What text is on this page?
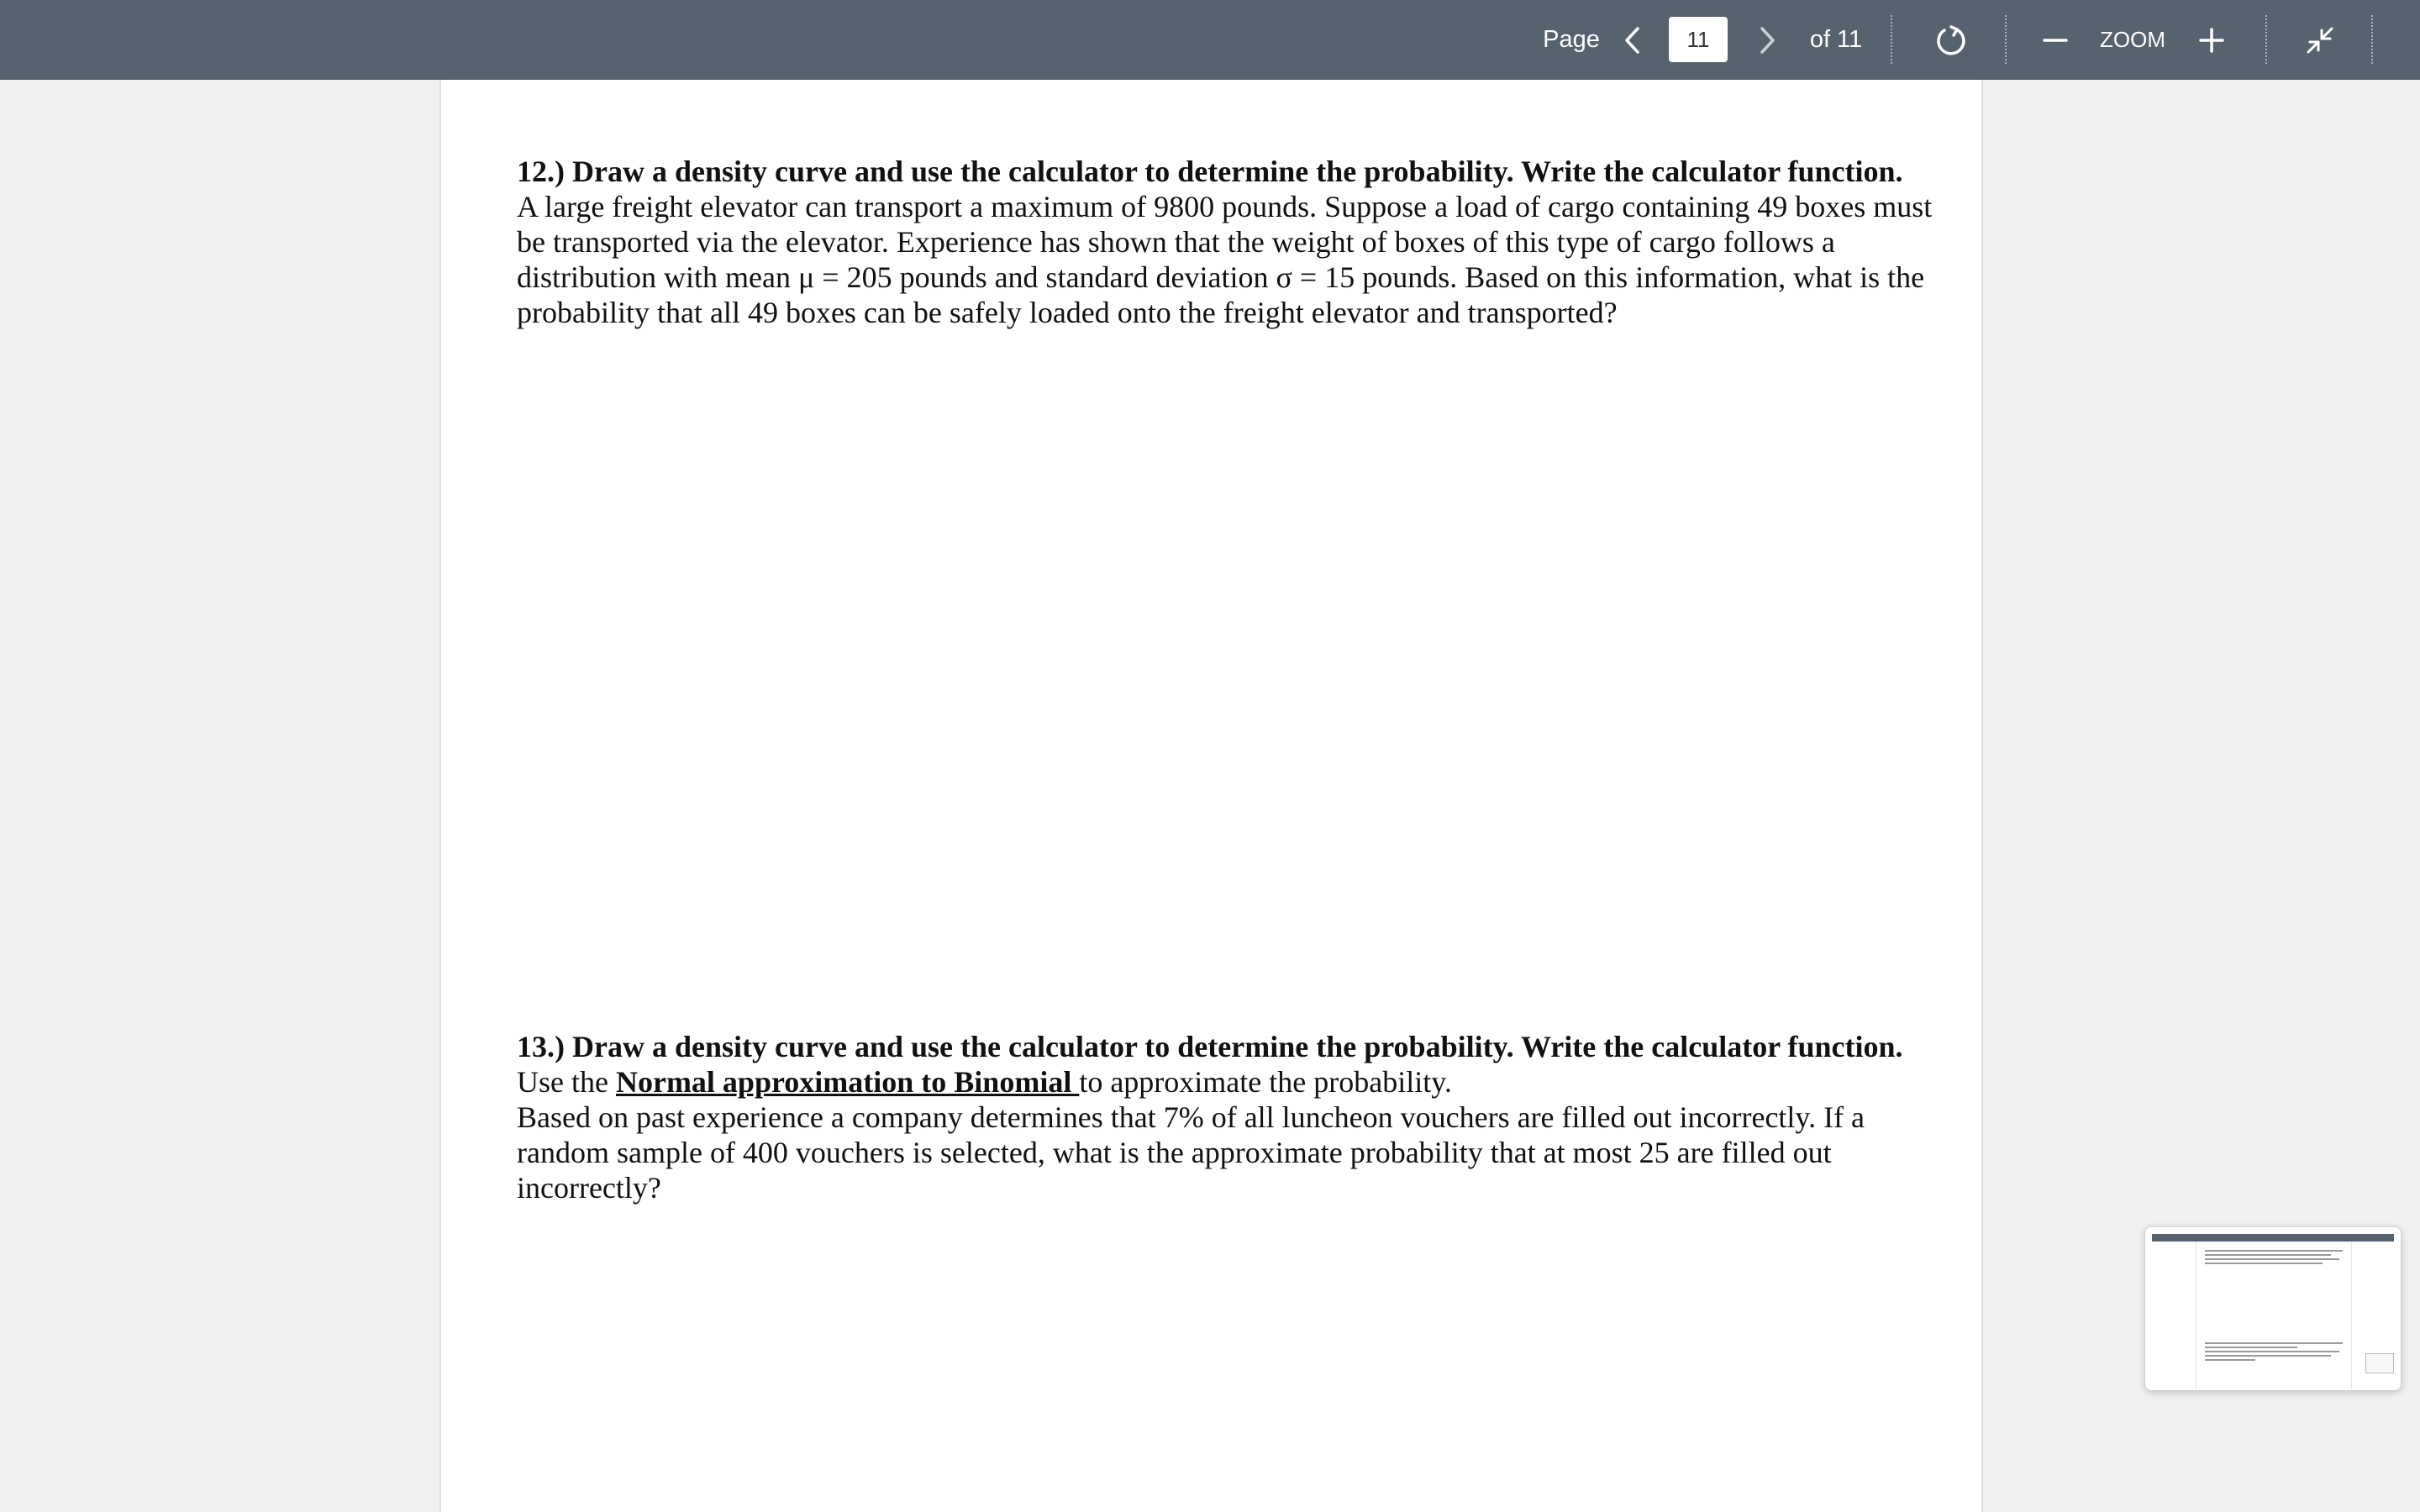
Page
11	of 11	ZOOM

12.) Draw a density curve and use the calculator to determine the probability. Write the calculator function.
A large freight elevator can transport a maximum of 9800 pounds. Suppose a load of cargo containing 49 boxes must be transported via the elevator. Experience has shown that the weight of boxes of this type of cargo follows a distribution with mean μ = 205 pounds and standard deviation σ = 15 pounds. Based on this information, what is the probability that all 49 boxes can be safely loaded onto the freight elevator and transported?

13.) Draw a density curve and use the calculator to determine the probability. Write the calculator function.
Use the Normal approximation to Binomial to approximate the probability.
Based on past experience a company determines that 7% of all luncheon vouchers are filled out incorrectly. If a random sample of 400 vouchers is selected, what is the approximate probability that at most 25 are filled out incorrectly?
